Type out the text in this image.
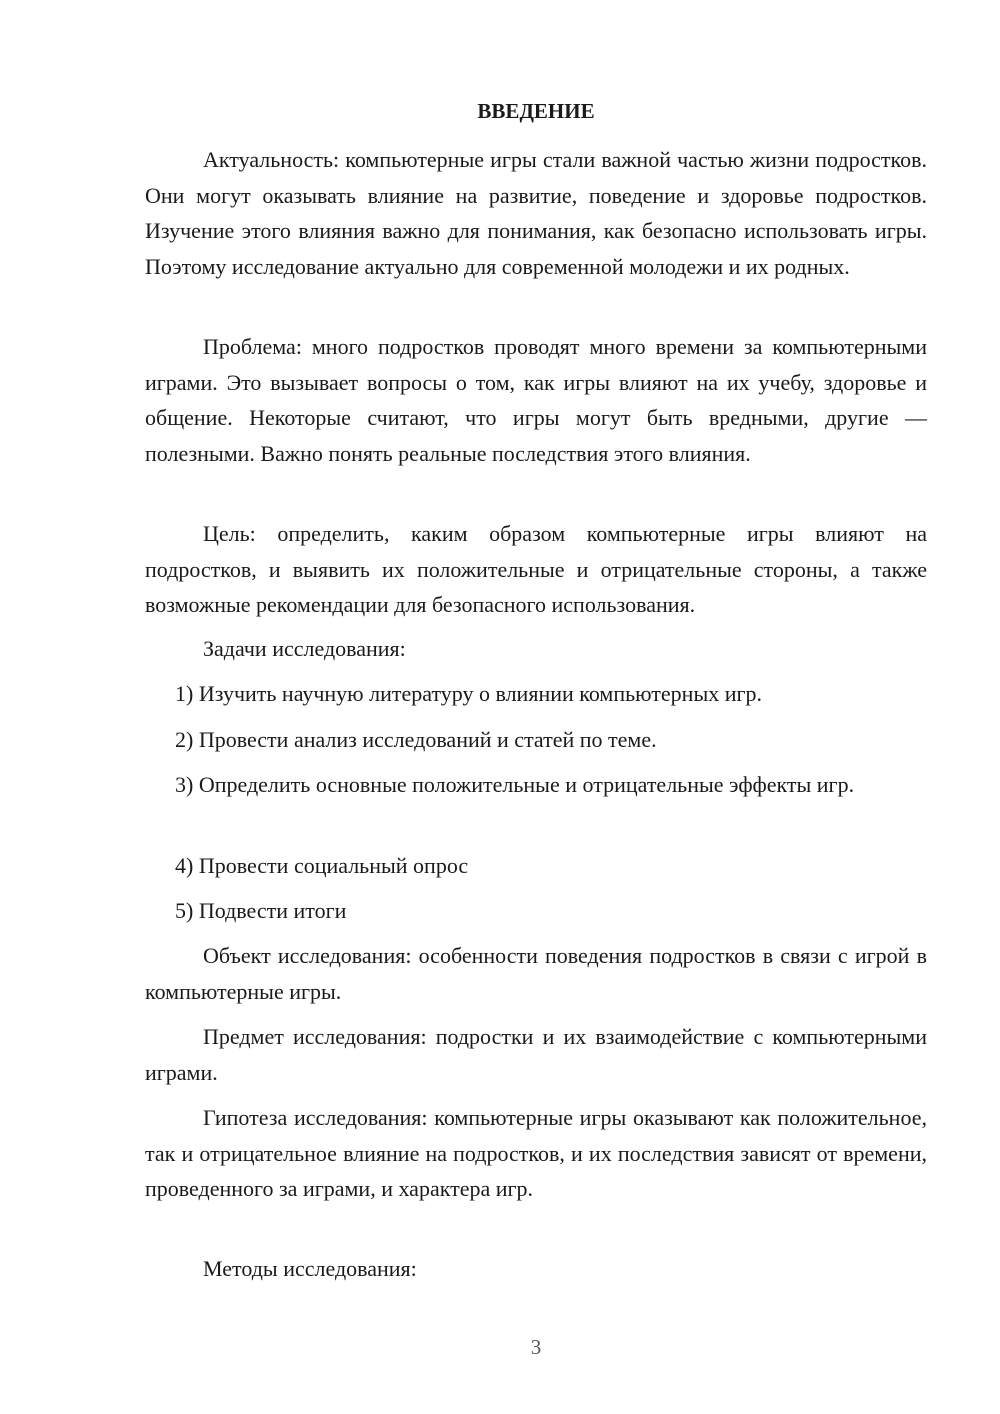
ВВЕДЕНИЕ

Актуальность: компьютерные игры стали важной частью жизни подростков. Они могут оказывать влияние на развитие, поведение и здоровье подростков. Изучение этого влияния важно для понимания, как безопасно использовать игры. Поэтому исследование актуально для современной молодежи и их родных.

Проблема: много подростков проводят много времени за компьютерными играми. Это вызывает вопросы о том, как игры влияют на их учебу, здоровье и общение. Некоторые считают, что игры могут быть вредными, другие — полезными. Важно понять реальные последствия этого влияния.

Цель: определить, каким образом компьютерные игры влияют на подростков, и выявить их положительные и отрицательные стороны, а также возможные рекомендации для безопасного использования.

Задачи исследования:

1) Изучить научную литературу о влиянии компьютерных игр.

2) Провести анализ исследований и статей по теме.

3) Определить основные положительные и отрицательные эффекты игр.

4) Провести социальный опрос

5) Подвести итоги

Объект исследования: особенности поведения подростков в связи с игрой в компьютерные игры.

Предмет исследования: подростки и их взаимодействие с компьютерными играми.

Гипотеза исследования: компьютерные игры оказывают как положительное, так и отрицательное влияние на подростков, и их последствия зависят от времени, проведенного за играми, и характера игр.

Методы исследования:

3
